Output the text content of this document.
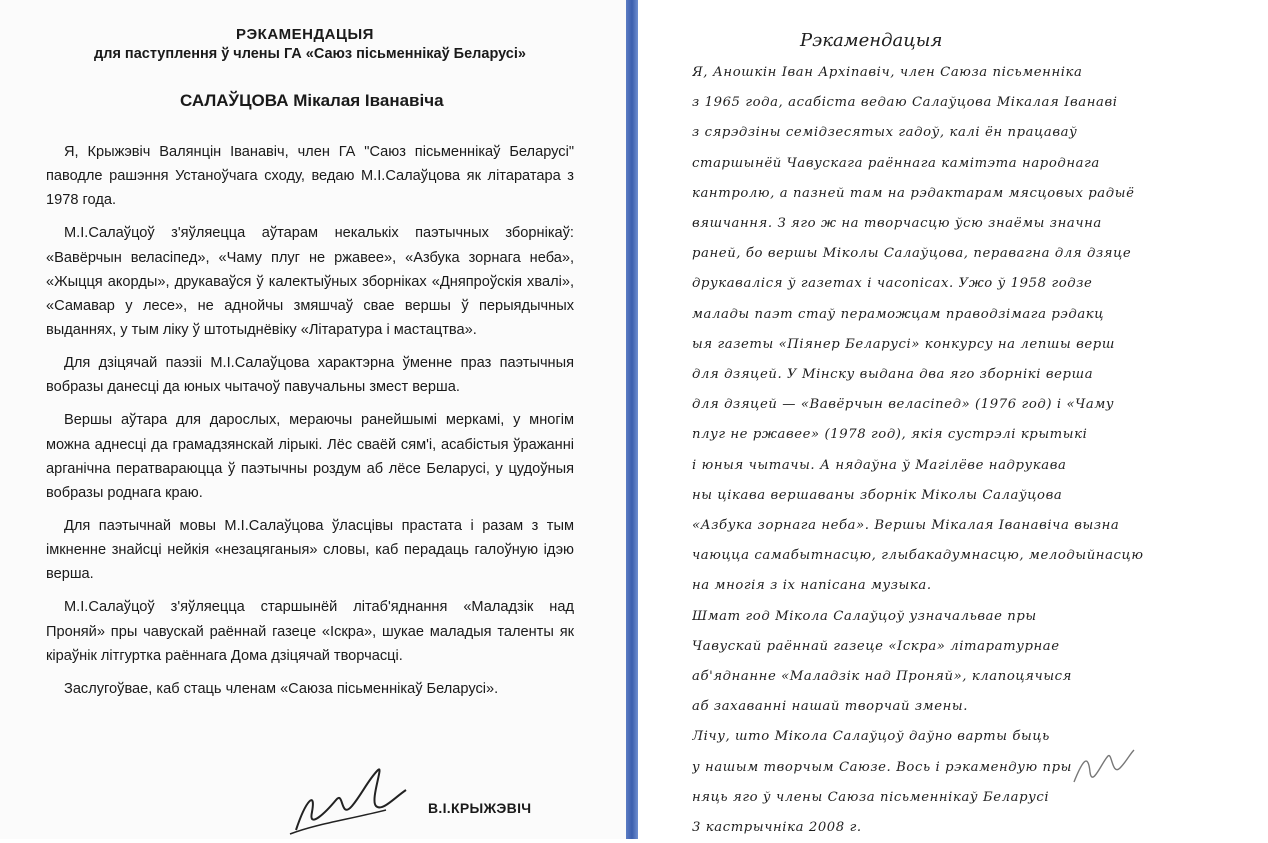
РЭКАМЕНДАЦЫЯ

для паступлення ў члены ГА «Саюз пісьменнікаў Беларусі»

САЛАЎЦОВА Мікалая Іванавіча

Я, Крыжэвіч Валянцін Іванавіч, член ГА "Саюз пісьменнікаў Беларусі" паводле рашэння Устаноўчага сходу, ведаю М.І.Салаўцова як літаратара з 1978 года.

М.І.Салаўцоў з'яўляецца аўтарам некалькіх паэтычных зборнікаў: «Вавёрчын веласіпед», «Чаму плуг не ржавее», «Азбука зорнага неба», «Жыцця акорды», друкаваўся ў калектыўных зборніках «Дняпроўскія хвалі», «Самавар у лесе», не аднойчы змяшчаў свае вершы ў перыядычных выданнях, у тым ліку ў штотыднёвіку «Літаратура і мастацтва».

Для дзіцячай паэзіі М.І.Салаўцова характэрна ўменне праз паэтычныя вобразы данесці да юных чытачоў павучальны змест верша.

Вершы аўтара для дарослых, мераючы ранейшымі меркамі, у многім можна аднесці да грамадзянскай лірыкі. Лёс сваёй сям'і, асабістыя ўражанні арганічна ператвараюцца ў паэтычны роздум аб лёсе Беларусі, у цудоўныя вобразы роднага краю.

Для паэтычнай мовы М.І.Салаўцова ўласцівы прастата і разам з тым імкненне знайсці нейкія «незацяганыя» словы, каб перадаць галоўную ідэю верша.

М.І.Салаўцоў з'яўляецца старшынёй літаб'яднання «Маладзік над Проняй» пры чавускай раённай газеце «Іскра», шукае маладыя таленты як кіраўнік літгуртка раённага Дома дзіцячай творчасці.

Заслугоўвае, каб стаць членам «Саюза пісьменнікаў Беларусі».

В.І.КРЫЖЭВІЧ
Рэкамендацыя

Я, Аношкін Іван Архіпавіч, член Саюза пісьменніка

з 1965 года, асабіста ведаю Салаўцова Мікалая Іванаві

з сярэдзіны семідзесятых гадоў, калі ён працаваў

старшынёй Чавускага раённага камітэта народнага

кантролю, а пазней там на рэдактарам мясцовых радыё

вяшчання. З яго ж на творчасцю ўсю знаёмы значна

раней, бо вершы Міколы Салаўцова, перавагна для дзяце

друкаваліся ў газетах і часопісах. Ужо ў 1958 годзе

малады паэт стаў пераможцам праводзімага рэдакц

ыя газеты «Піянер Беларусі» конкурсу на лепшы верш

для дзяцей. У Мінску выдана два яго зборнікі верша

для дзяцей — «Вавёрчын веласіпед» (1976 год) і «Чаму

плуг не ржавее» (1978 год), якія сустрэлі крытыкі

і юныя чытачы. А нядаўна ў Магілёве надрукава

ны цікава вершаваны зборнік Міколы Салаўцова

«Азбука зорнага неба». Вершы Мікалая Іванавіча вызна

чаюцца самабытнасцю, глыбакадумнасцю, мелодыйнасцю

на многія з іх напісана музыка.

Шмат год Мікола Салаўцоў узначальвае пры

Чавускай раённай газеце «Іскра» літаратурнае

аб'яднанне «Маладзік над Проняй», клапоцячыся

аб захаванні нашай творчай змены.

Лічу, што Мікола Салаўцоў даўно варты быць

у нашым творчым Саюзе. Вось і рэкамендую пры

няць яго ў члены Саюза пісьменнікаў Беларусі

3 кастрычніка 2008 г.
